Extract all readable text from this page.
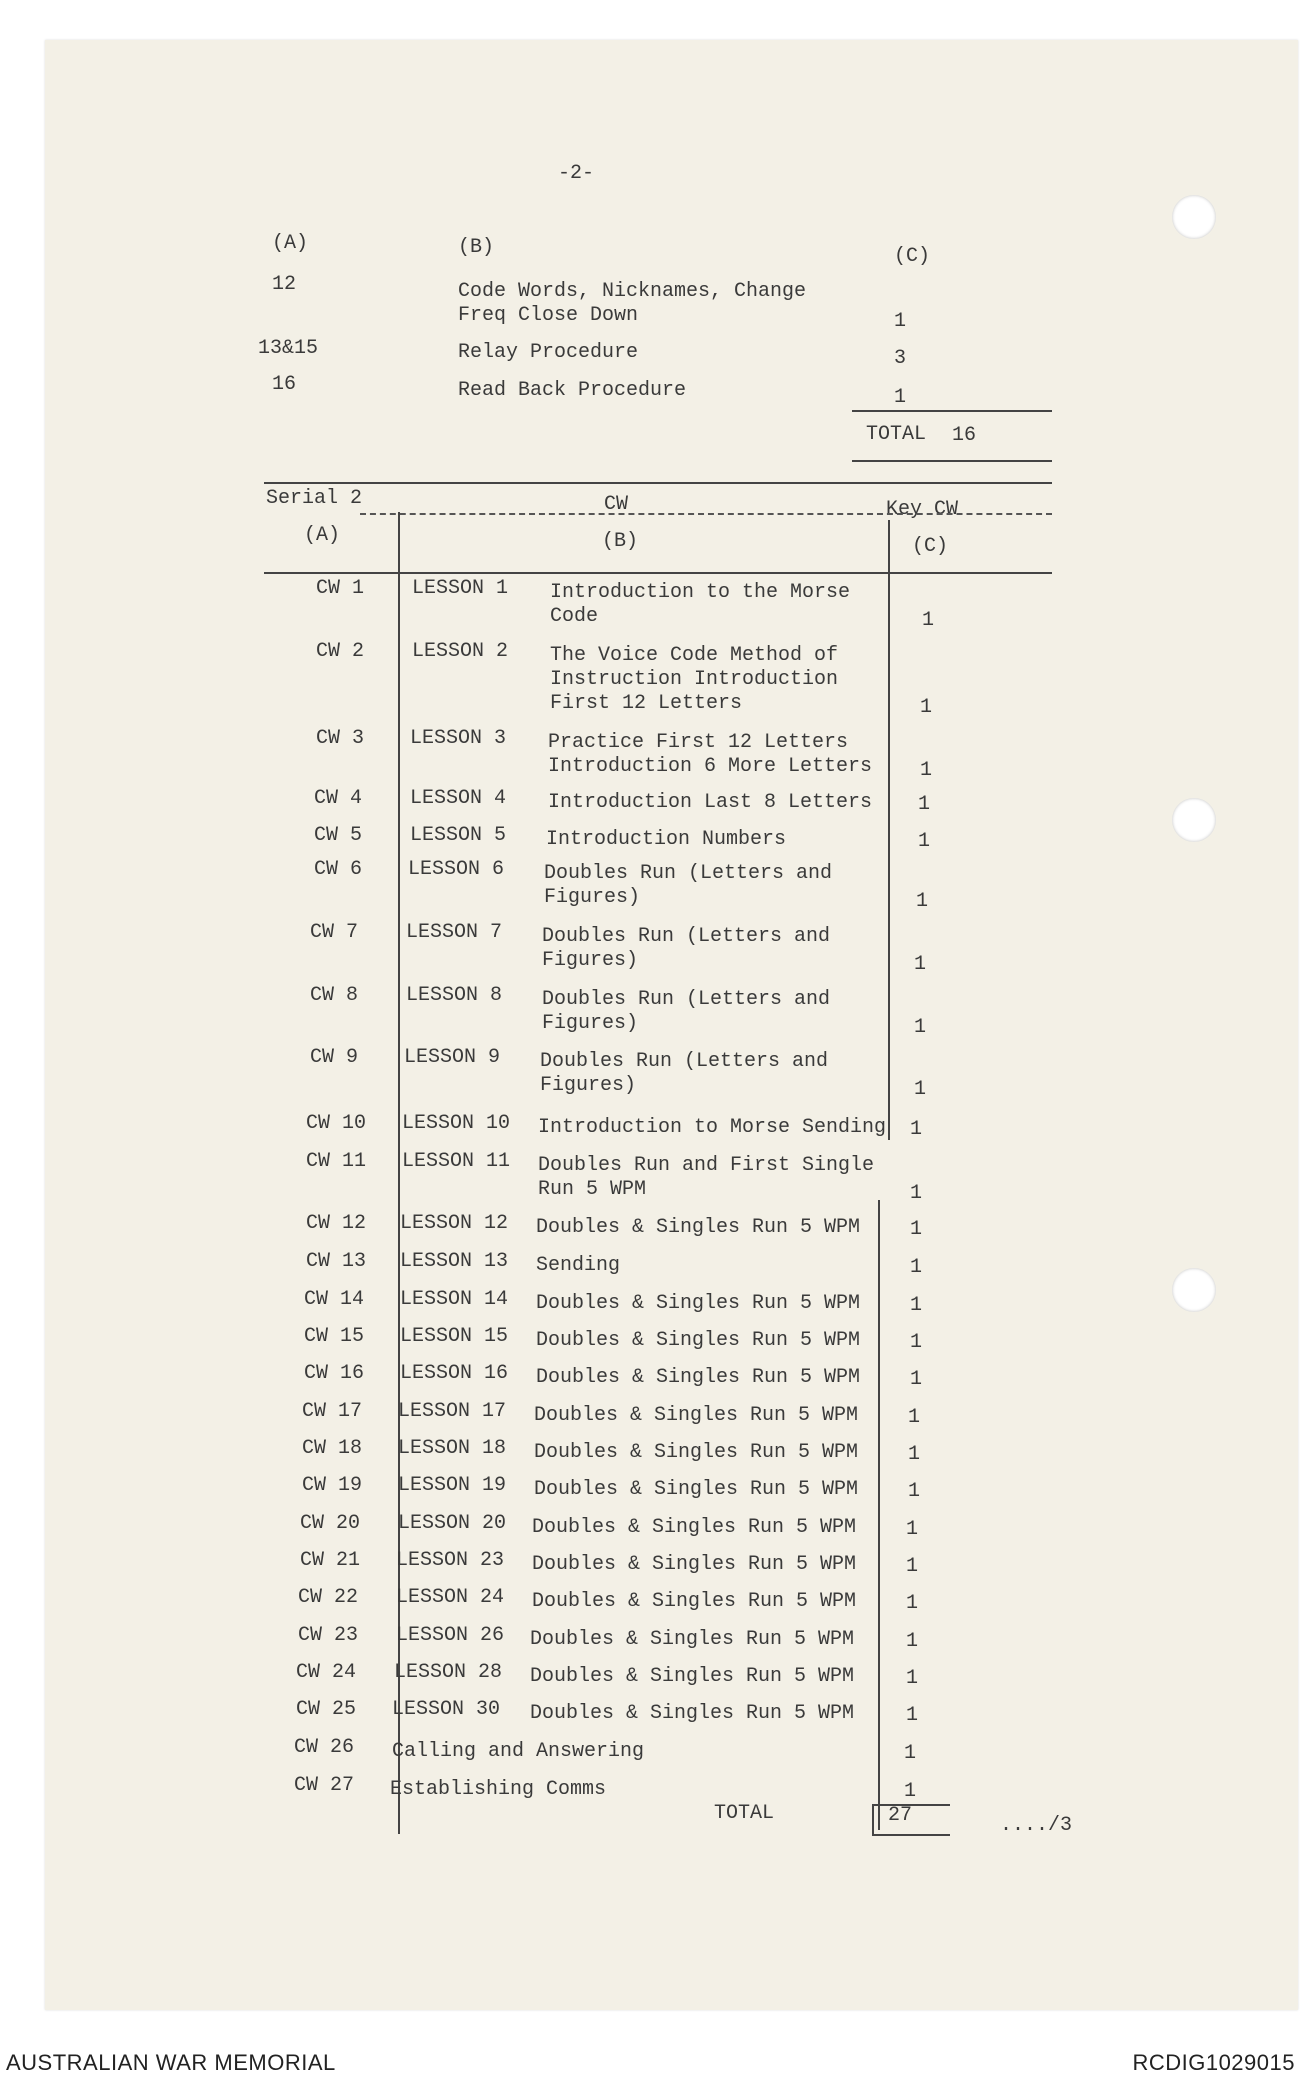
-2-
(A)	(B)	(C)
12	Code Words, Nicknames, Change
Freq Close Down	1
13&15	Relay Procedure	3
16	Read Back Procedure	1
TOTAL 16
Serial 2	CW	Key CW
(A)	(B)	(C)
CW 1 LESSON 1 Introduction to the Morse
Code	1
CW 2 LESSON 2 The Voice Code Method of
Instruction Introduction
First 12 Letters	1
CW 3 LESSON 3 Practice First 12 Letters
Introduction 6 More Letters 1
CW 4 LESSON 4 Introduction Last 8 Letters 1
CW 5 LESSON 5 Introduction Numbers	1
CW 6 LESSON 6 Doubles Run (Letters and
Figures)	1
CW 7 LESSON 7 Doubles Run (Letters and
Figures)	1
CW 8 LESSON 8 Doubles Run (Letters and
Figures)	1
CW 9 LESSON 9 Doubles Run (Letters and
Figures)	1
CW 10 LESSON 10 Introduction to Morse Sending 1
CW 11 LESSON 11 Doubles Run and First Single
Run 5 WPM	1
CW 12 LESSON 12 Doubles & Singles Run 5 WPM 1
CW 13 LESSON 13 Sending	1
CW 14 LESSON 14 Doubles & Singles Run 5 WPM 1
CW 15 LESSON 15 Doubles & Singles Run 5 WPM 1
CW 16 LESSON 16 Doubles & Singles Run 5 WPM 1
CW 17 LESSON 17 Doubles & Singles Run 5 WPM 1
CW 18 LESSON 18 Doubles & Singles Run 5 WPM 1
CW 19 LESSON 19 Doubles & Singles Run 5 WPM 1
CW 20 LESSON 20 Doubles & Singles Run 5 WPM 1
CW 21 LESSON 23 Doubles & Singles Run 5 WPM 1
CW 22 LESSON 24 Doubles & Singles Run 5 WPM 1
CW 23 LESSON 26 Doubles & Singles Run 5 WPM	1
CW 24 LESSON 28 Doubles & Singles Run 5 WPM	1
CW 25 LESSON 30 Doubles & Singles Run 5 WPM	1
CW 26 Calling and Answering	1
CW 27 Establishing Comms	1
TOTAL	27	..../3
AUSTRALIAN WAR MEMORIAL	RCDIG1029015
